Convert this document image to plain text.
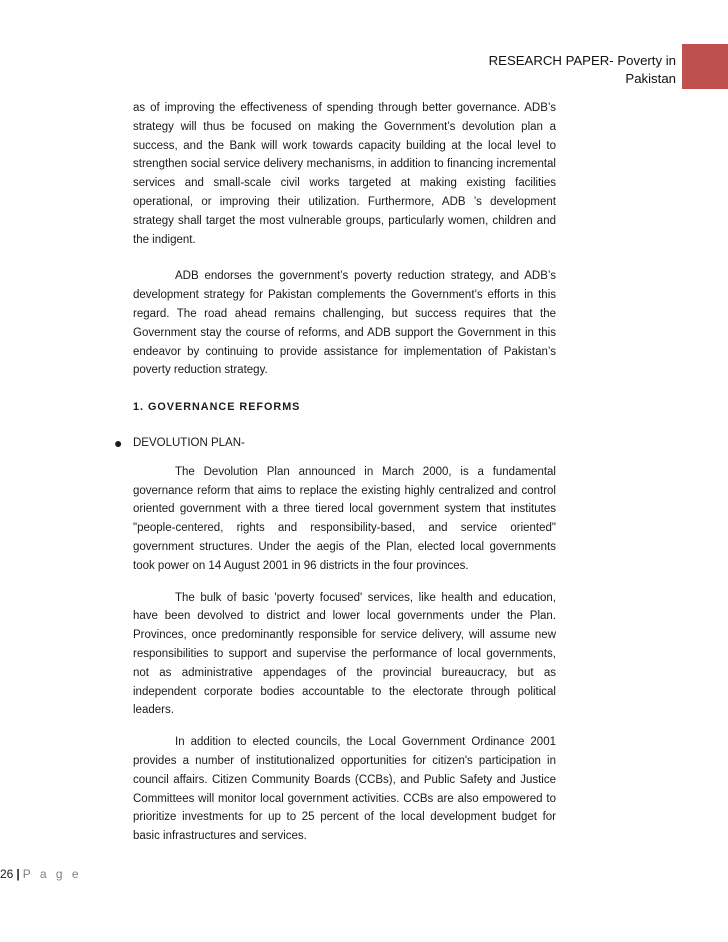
RESEARCH PAPER- Poverty in
Pakistan

as of improving the effectiveness of spending through better governance. ADB’s strategy will thus be focused on making the Government’s devolution plan a success, and the Bank will work towards capacity building at the local level to strengthen social service delivery mechanisms, in addition to financing incremental services and small-scale civil works targeted at making existing facilities operational, or improving their utilization. Furthermore, ADB ’s development strategy shall target the most vulnerable groups, particularly women, children and the indigent.

ADB endorses the government’s poverty reduction strategy, and ADB’s development strategy for Pakistan complements the Government’s efforts in this regard. The road ahead remains challenging, but success requires that the Government stay the course of reforms, and ADB support the Government in this endeavor by continuing to provide assistance for implementation of Pakistan’s poverty reduction strategy.

1. GOVERNANCE REFORMS
● DEVOLUTION PLAN-

The Devolution Plan announced in March 2000, is a fundamental governance reform that aims to replace the existing highly centralized and control oriented government with a three tiered local government system that institutes "people-centered, rights and responsibility-based, and service oriented" government structures. Under the aegis of the Plan, elected local governments took power on 14 August 2001 in 96 districts in the four provinces.

The bulk of basic 'poverty focused' services, like health and education, have been devolved to district and lower local governments under the Plan. Provinces, once predominantly responsible for service delivery, will assume new responsibilities to support and supervise the performance of local governments, not as administrative appendages of the provincial bureaucracy, but as independent corporate bodies accountable to the electorate through political leaders.

In addition to elected councils, the Local Government Ordinance 2001 provides a number of institutionalized opportunities for citizen's participation in council affairs. Citizen Community Boards (CCBs), and Public Safety and Justice Committees will monitor local government activities. CCBs are also empowered to prioritize investments for up to 25 percent of the local development budget for basic infrastructures and services.

26 | P a g e
